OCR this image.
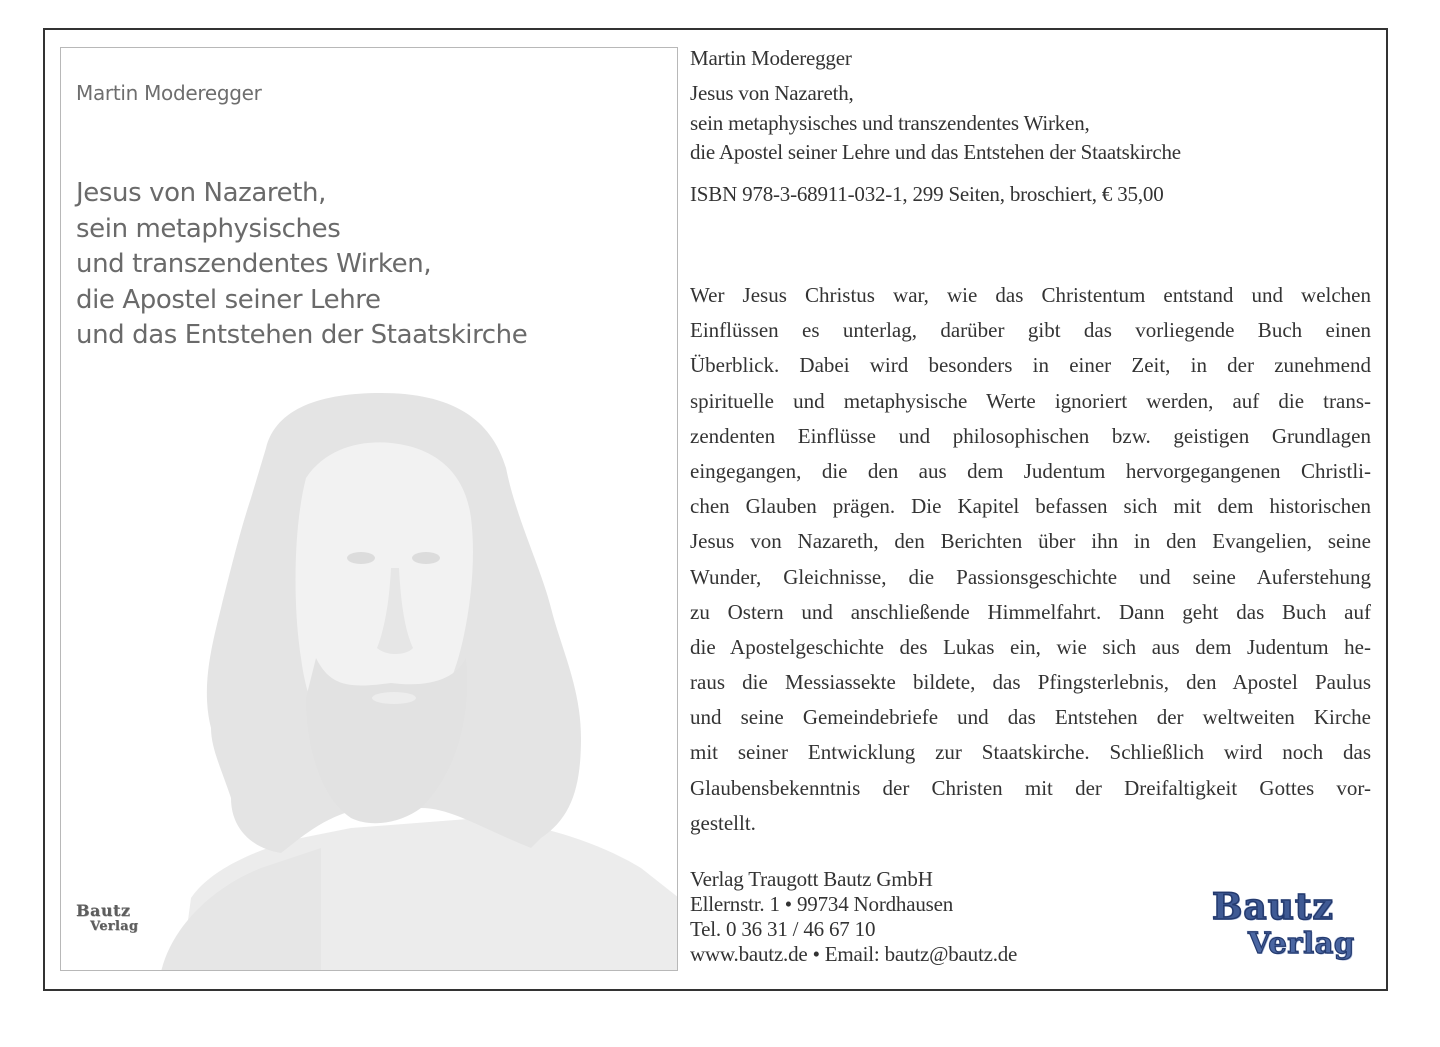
Martin Moderegger
Jesus von Nazareth,
sein metaphysisches
und transzendentes Wirken,
die Apostel seiner Lehre
und das Entstehen der Staatskirche
Bautz
Verlag
Martin Moderegger
Jesus von Nazareth,
sein metaphysisches und transzendentes Wirken,
die Apostel seiner Lehre und das Entstehen der Staatskirche
ISBN 978-3-68911-032-1, 299 Seiten, broschiert, € 35,00
Wer Jesus Christus war, wie das Christentum entstand und welchen
Einflüssen es unterlag, darüber gibt das vorliegende Buch einen
Überblick. Dabei wird besonders in einer Zeit, in der zunehmend
spirituelle und metaphysische Werte ignoriert werden, auf die trans-
zendenten Einflüsse und philosophischen bzw. geistigen Grundlagen
eingegangen, die den aus dem Judentum hervorgegangenen Christli-
chen Glauben prägen. Die Kapitel befassen sich mit dem historischen
Jesus von Nazareth, den Berichten über ihn in den Evangelien, seine
Wunder, Gleichnisse, die Passionsgeschichte und seine Auferstehung
zu Ostern und anschließende Himmelfahrt. Dann geht das Buch auf
die Apostelgeschichte des Lukas ein, wie sich aus dem Judentum he-
raus die Messiassekte bildete, das Pfingsterlebnis, den Apostel Paulus
und seine Gemeindebriefe und das Entstehen der weltweiten Kirche
mit seiner Entwicklung zur Staatskirche. Schließlich wird noch das
Glaubensbekenntnis der Christen mit der Dreifaltigkeit Gottes vor-
gestellt.
Verlag Traugott Bautz GmbH
Ellernstr. 1 • 99734 Nordhausen
Tel. 0 36 31 / 46 67 10
www.bautz.de • Email: bautz@bautz.de
Bautz
Verlag
